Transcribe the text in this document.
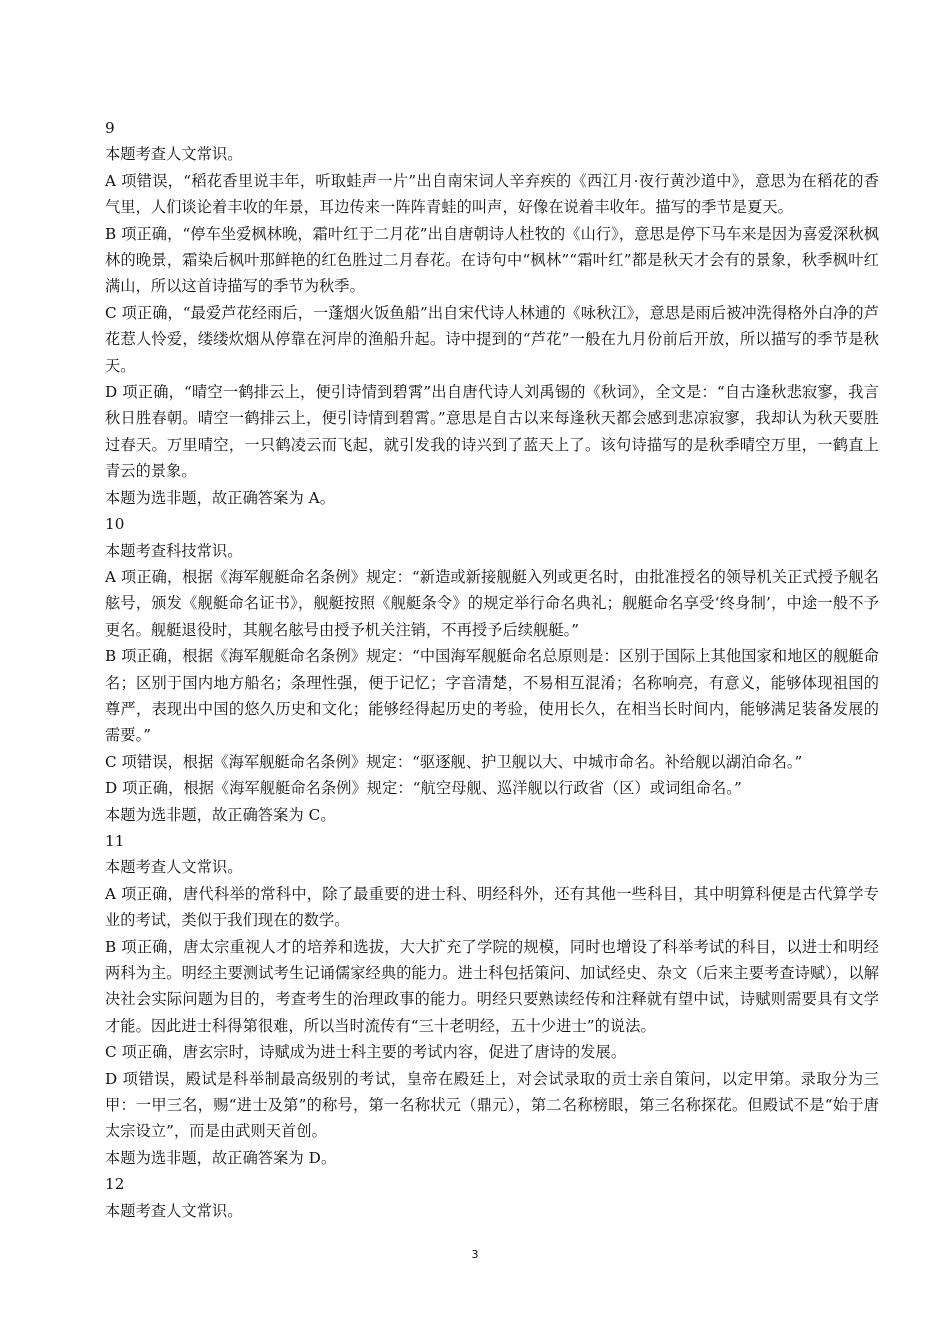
9

本题考查人文常识。

A 项错误，“稻花香里说丰年，听取蛙声一片”出自南宋词人辛弃疾的《西江月·夜行黄沙道中》，意思为在稻花的香气里，人们谈论着丰收的年景，耳边传来一阵阵青蛙的叫声，好像在说着丰收年。描写的季节是夏天。

B 项正确，“停车坐爱枫林晚，霜叶红于二月花”出自唐朝诗人杜牧的《山行》，意思是停下马车来是因为喜爱深秋枫林的晚景，霜染后枫叶那鲜艳的红色胜过二月春花。在诗句中“枫林”“霜叶红”都是秋天才会有的景象，秋季枫叶红满山，所以这首诗描写的季节为秋季。

C 项正确，“最爱芦花经雨后，一蓬烟火饭鱼船”出自宋代诗人林逋的《咏秋江》，意思是雨后被冲洗得格外白净的芦花惹人怜爱，缕缕炊烟从停靠在河岸的渔船升起。诗中提到的“芦花”一般在九月份前后开放，所以描写的季节是秋天。

D 项正确，“晴空一鹤排云上，便引诗情到碧霄”出自唐代诗人刘禹锡的《秋词》，全文是：“自古逢秋悲寂寥，我言秋日胜春朝。晴空一鹤排云上，便引诗情到碧霄。”意思是自古以来每逢秋天都会感到悲凉寂寥，我却认为秋天要胜过春天。万里晴空，一只鹤凌云而飞起，就引发我的诗兴到了蓝天上了。该句诗描写的是秋季晴空万里，一鹤直上青云的景象。

本题为选非题，故正确答案为 A。

10

本题考查科技常识。

A 项正确，根据《海军舰艇命名条例》规定：“新造或新接舰艇入列或更名时，由批准授名的领导机关正式授予舰名舷号，颁发《舰艇命名证书》，舰艇按照《舰艇条令》的规定举行命名典礼；舰艇命名享受‘终身制’，中途一般不予更名。舰艇退役时，其舰名舷号由授予机关注销，不再授予后续舰艇。”

B 项正确，根据《海军舰艇命名条例》规定：“中国海军舰艇命名总原则是：区别于国际上其他国家和地区的舰艇命名；区别于国内地方船名；条理性强，便于记忆；字音清楚，不易相互混淆；名称响亮，有意义，能够体现祖国的尊严，表现出中国的悠久历史和文化；能够经得起历史的考验，使用长久，在相当长时间内，能够满足装备发展的需要。”

C 项错误，根据《海军舰艇命名条例》规定：“驱逐舰、护卫舰以大、中城市命名。补给舰以湖泊命名。”

D 项正确，根据《海军舰艇命名条例》规定：“航空母舰、巡洋舰以行政省（区）或词组命名。”

本题为选非题，故正确答案为 C。

11

本题考查人文常识。

A 项正确，唐代科举的常科中，除了最重要的进士科、明经科外，还有其他一些科目，其中明算科便是古代算学专业的考试，类似于我们现在的数学。

B 项正确，唐太宗重视人才的培养和选拔，大大扩充了学院的规模，同时也增设了科举考试的科目，以进士和明经两科为主。明经主要测试考生记诵儒家经典的能力。进士科包括策问、加试经史、杂文（后来主要考查诗赋），以解决社会实际问题为目的，考查考生的治理政事的能力。明经只要熟读经传和注释就有望中试，诗赋则需要具有文学才能。因此进士科得第很难，所以当时流传有“三十老明经，五十少进士”的说法。

C 项正确，唐玄宗时，诗赋成为进士科主要的考试内容，促进了唐诗的发展。

D 项错误，殿试是科举制最高级别的考试，皇帝在殿廷上，对会试录取的贡士亲自策问，以定甲第。录取分为三甲：一甲三名，赐“进士及第”的称号，第一名称状元（鼎元），第二名称榜眼，第三名称探花。但殿试不是“始于唐太宗设立”，而是由武则天首创。

本题为选非题，故正确答案为 D。

12

本题考查人文常识。

3
